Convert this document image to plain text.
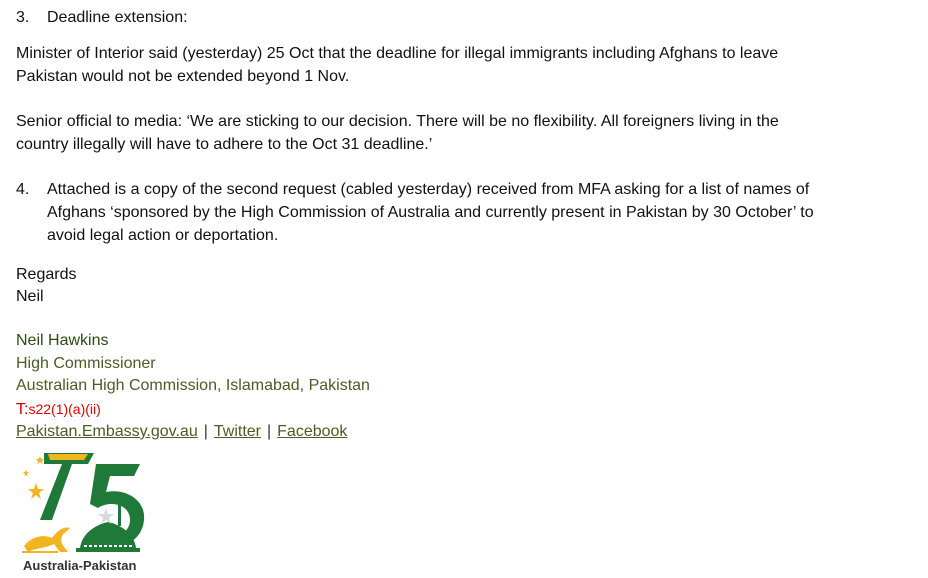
3. Deadline extension:
Minister of Interior said (yesterday) 25 Oct that the deadline for illegal immigrants including Afghans to leave
Pakistan would not be extended beyond 1 Nov.
Senior official to media: ‘We are sticking to our decision. There will be no flexibility. All foreigners living in the
country illegally will have to adhere to the Oct 31 deadline.’
4. Attached is a copy of the second request (cabled yesterday) received from MFA asking for a list of names of
Afghans ‘sponsored by the High Commission of Australia and currently present in Pakistan by 30 October’ to
avoid legal action or deportation.
Regards
Neil
Neil Hawkins
High Commissioner
Australian High Commission, Islamabad, Pakistan
T:s22(1)(a)(ii)
Pakistan.Embassy.gov.au | Twitter | Facebook
Australia-Pakistan
